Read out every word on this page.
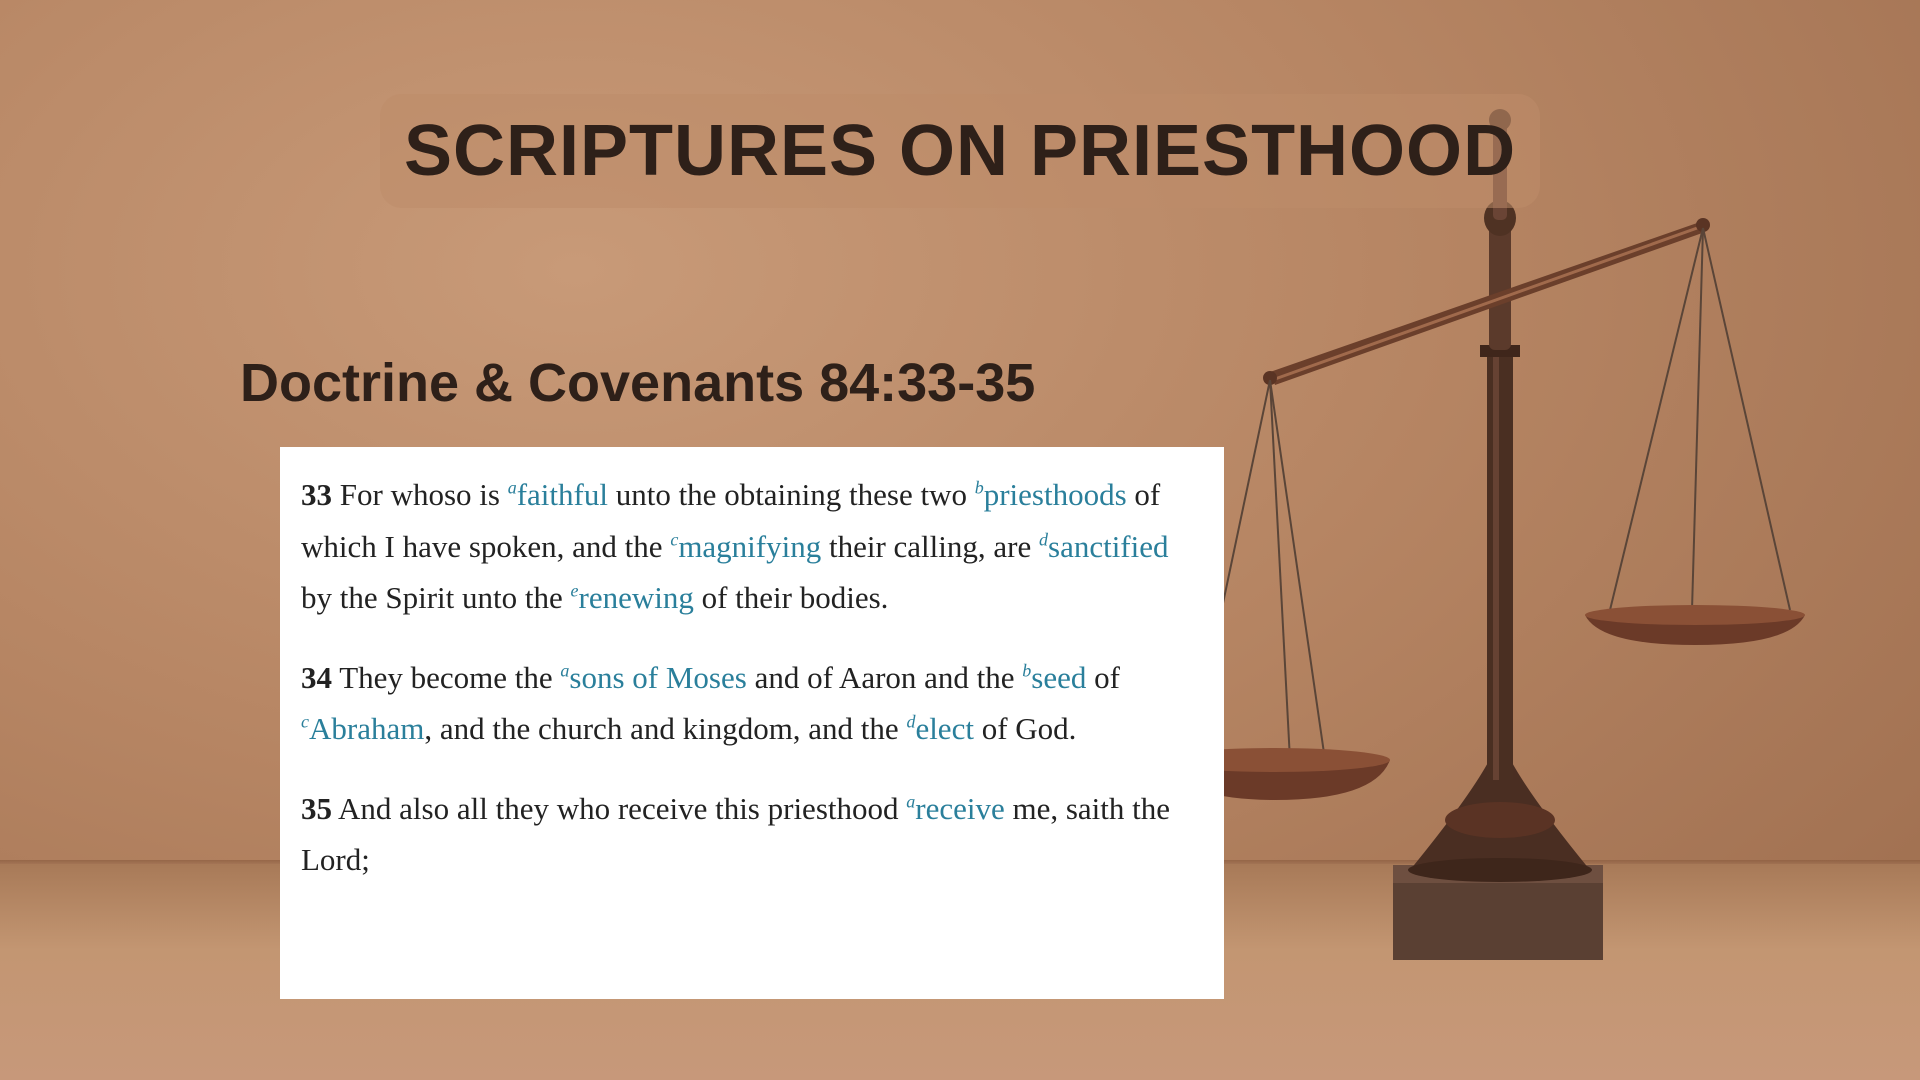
SCRIPTURES ON PRIESTHOOD
Doctrine & Covenants 84:33-35

33 For whoso is $^a$faithful unto the obtaining these two $^b$priesthoods of which I have spoken, and the $^c$magnifying their calling, are $^d$sanctified by the Spirit unto the $^e$renewing of their bodies.

34 They become the $^a$sons of Moses and of Aaron and the $^b$seed of $^c$Abraham, and the church and kingdom, and the $^d$elect of God.

35 And also all they who receive this priesthood $^a$receive me, saith the Lord;
